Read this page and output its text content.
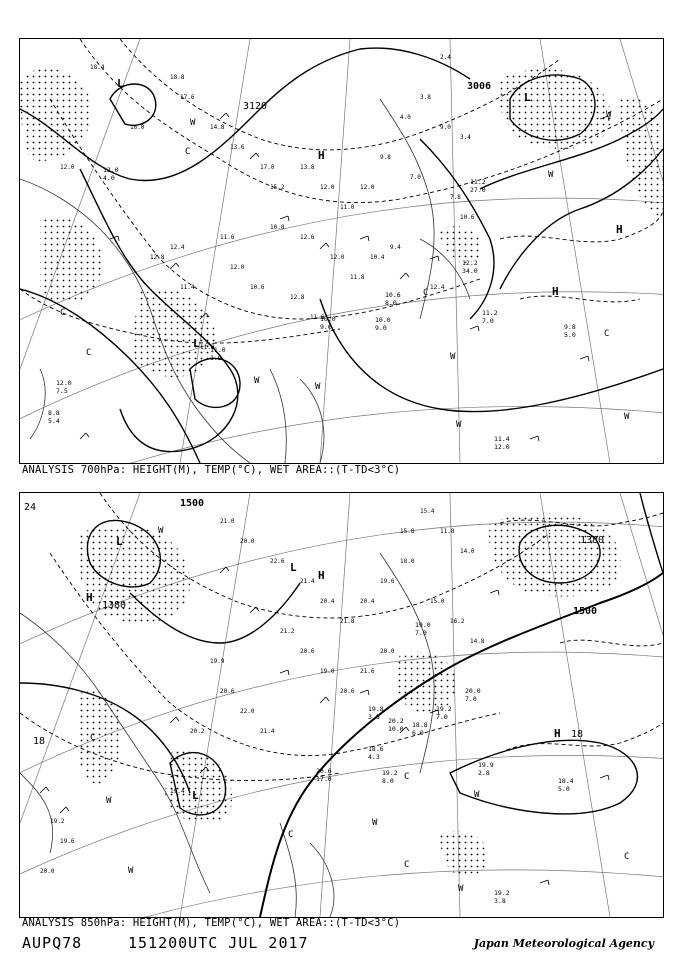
18.8
17.6
14.8
13.6
17.0
15.2
13.8
12.0
11.0
12.0
9.8
7.0
10.8
12.6
12.0
11.8
10.4
9.4
11.6
12.0
10.6
12.8
11.6
12.4
11.4
12.8
11.6
9.0
3.4
7.8
10.6
12.4
16.0
18.4
12.0
2.4
3.8
4.0
3120
3006
L
L
L
H
H
H
W
W
W
W
W
W
W
W
C
C
C
C
C
11.2
7.0
9.8
5.0
11.4
12.0
12.2
34.0
10.6
8.0
10.0
9.0
11.0
1.9
12.0
7.5
8.8
5.4
12.0
4.0	11.2
27.0
10.0
9.0
ANALYSIS 700hPa: HEIGHT(M), TEMP(°C), WET AREA::(T-TD<3°C)
21.0
20.0
22.6
21.4
20.4
21.8
20.4
19.6
18.0
21.2
20.6
19.0
20.6
21.6
20.0
20.6
22.0
21.4
19.9
20.2
19.4
19.2
19.6
20.0
11.8
14.0
15.0
16.2
14.8
15.4
15.8
1500
1500
1380
1380
24
18
18
L
L
L
H
H
H
W
W
W
W
W
W
C
C
C
C
C
19.9
2.8
18.4
5.0
19.2
3.8
18.6
4.3
19.2
7.0
20.0
7.0
19.0
7.0
19.8
3.8 20.2
10.0
20.6
17.0
18.8
6.0
19.2
8.0
ANALYSIS 850hPa: HEIGHT(M), TEMP(°C), WET AREA::(T-TD<3°C)
AUPQ78	151200UTC JUL 2017	Japan Meteorological Agency
